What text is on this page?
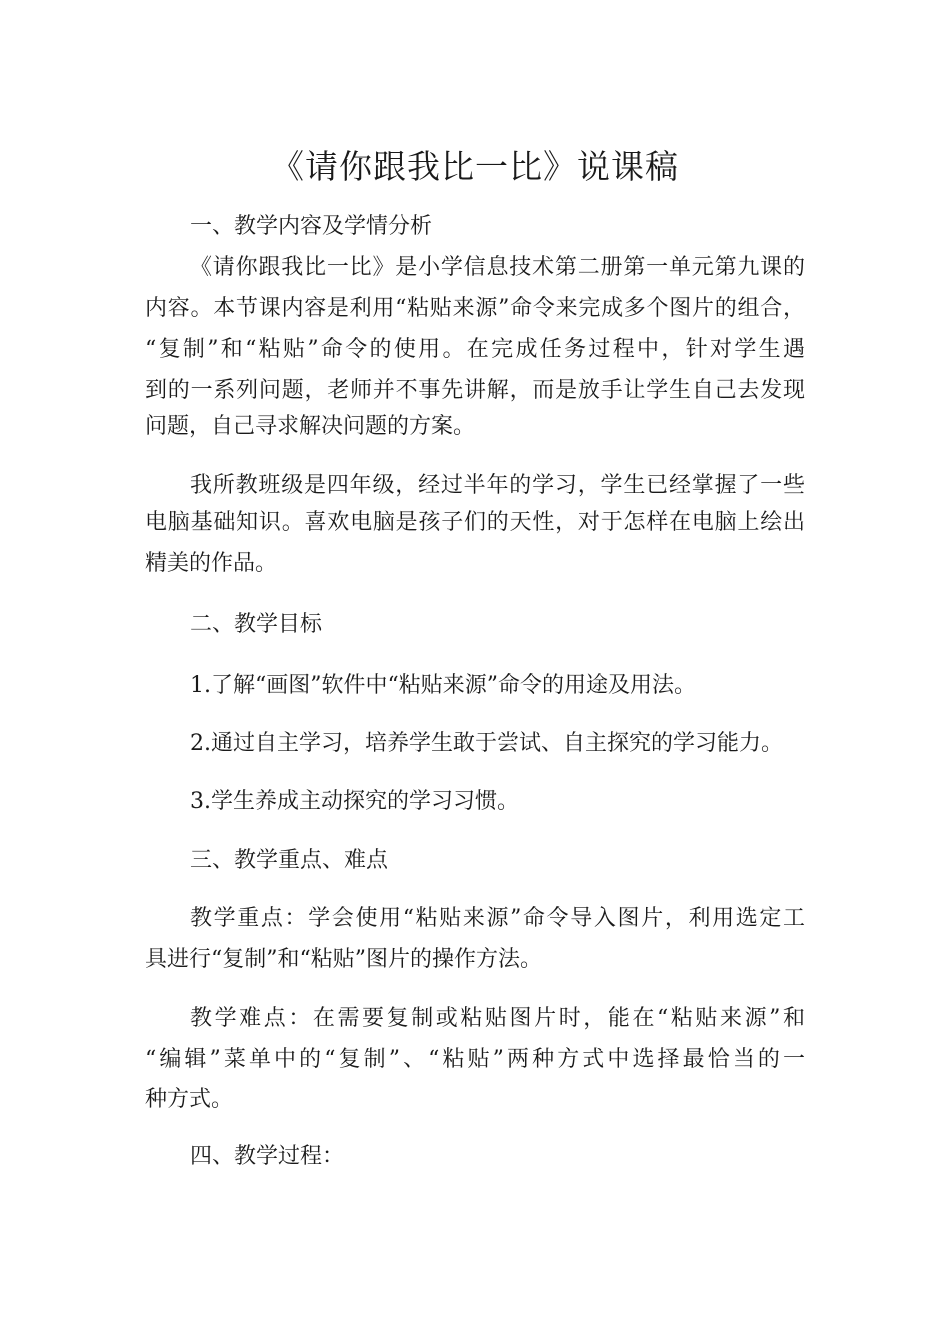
《请你跟我比一比》说课稿
一、教学内容及学情分析
《请你跟我比一比》是小学信息技术第二册第一单元第九课的
内容。本节课内容是利用“粘贴来源”命令来完成多个图片的组合，
“复制”和“粘贴”命令的使用。在完成任务过程中，针对学生遇
到的一系列问题，老师并不事先讲解，而是放手让学生自己去发现
问题，自己寻求解决问题的方案。
我所教班级是四年级，经过半年的学习，学生已经掌握了一些
电脑基础知识。喜欢电脑是孩子们的天性，对于怎样在电脑上绘出
精美的作品。
二、教学目标
1.了解“画图”软件中“粘贴来源”命令的用途及用法。
2.通过自主学习，培养学生敢于尝试、自主探究的学习能力。
3.学生养成主动探究的学习习惯。
三、教学重点、难点
教学重点：学会使用“粘贴来源”命令导入图片，利用选定工
具进行“复制”和“粘贴”图片的操作方法。
教学难点：在需要复制或粘贴图片时，能在“粘贴来源”和
“编辑”菜单中的“复制”、“粘贴”两种方式中选择最恰当的一
种方式。
四、教学过程：
